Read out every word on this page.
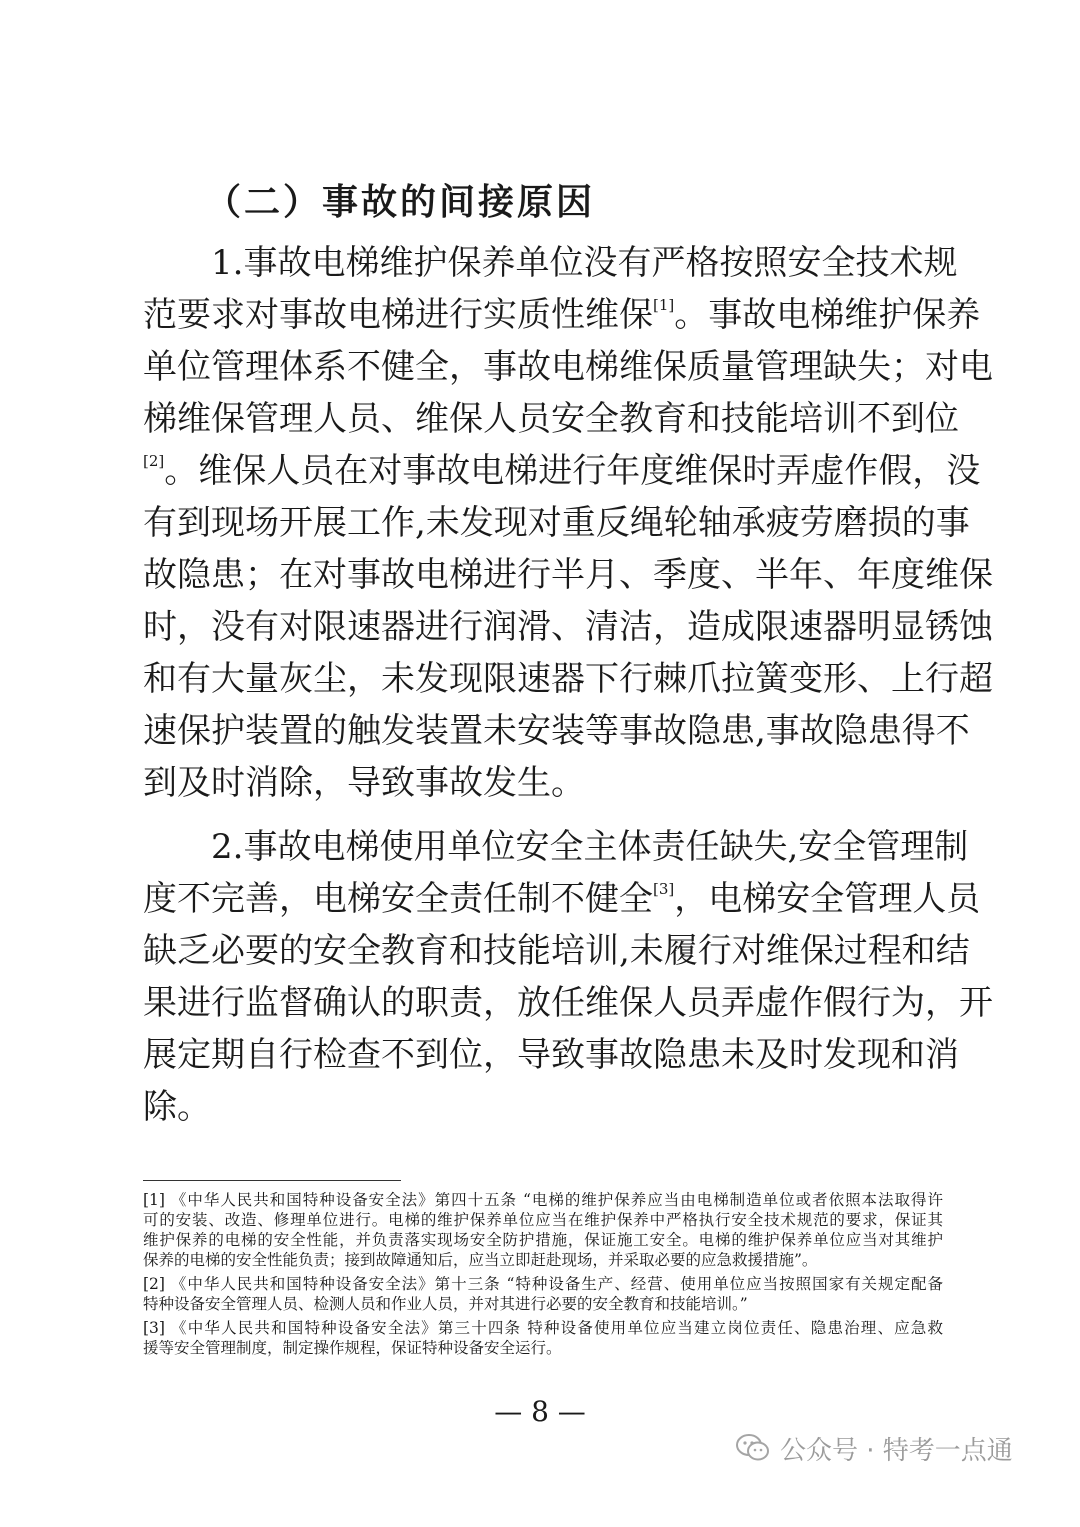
（二）事故的间接原因
1.事故电梯维护保养单位没有严格按照安全技术规
范要求对事故电梯进行实质性维保[1]。事故电梯维护保养
单位管理体系不健全，事故电梯维保质量管理缺失；对电
梯维保管理人员、维保人员安全教育和技能培训不到位
[2]。维保人员在对事故电梯进行年度维保时弄虚作假，没
有到现场开展工作,未发现对重反绳轮轴承疲劳磨损的事
故隐患；在对事故电梯进行半月、季度、半年、年度维保
时，没有对限速器进行润滑、清洁，造成限速器明显锈蚀
和有大量灰尘，未发现限速器下行棘爪拉簧变形、上行超
速保护装置的触发装置未安装等事故隐患,事故隐患得不
到及时消除，导致事故发生。
2.事故电梯使用单位安全主体责任缺失,安全管理制
度不完善，电梯安全责任制不健全[3]，电梯安全管理人员
缺乏必要的安全教育和技能培训,未履行对维保过程和结
果进行监督确认的职责，放任维保人员弄虚作假行为，开
展定期自行检查不到位，导致事故隐患未及时发现和消
除。
[1] 《中华人民共和国特种设备安全法》第四十五条 “电梯的维护保养应当由电梯制造单位或者依照本法取得许
可的安装、改造、修理单位进行。电梯的维护保养单位应当在维护保养中严格执行安全技术规范的要求，保证其
维护保养的电梯的安全性能，并负责落实现场安全防护措施，保证施工安全。电梯的维护保养单位应当对其维护
保养的电梯的安全性能负责；接到故障通知后，应当立即赶赴现场，并采取必要的应急救援措施”。
[2] 《中华人民共和国特种设备安全法》第十三条 “特种设备生产、经营、使用单位应当按照国家有关规定配备
特种设备安全管理人员、检测人员和作业人员，并对其进行必要的安全教育和技能培训。”
[3] 《中华人民共和国特种设备安全法》第三十四条 特种设备使用单位应当建立岗位责任、隐患治理、应急救
援等安全管理制度，制定操作规程，保证特种设备安全运行。
— 8 —
公众号 · 特考一点通
